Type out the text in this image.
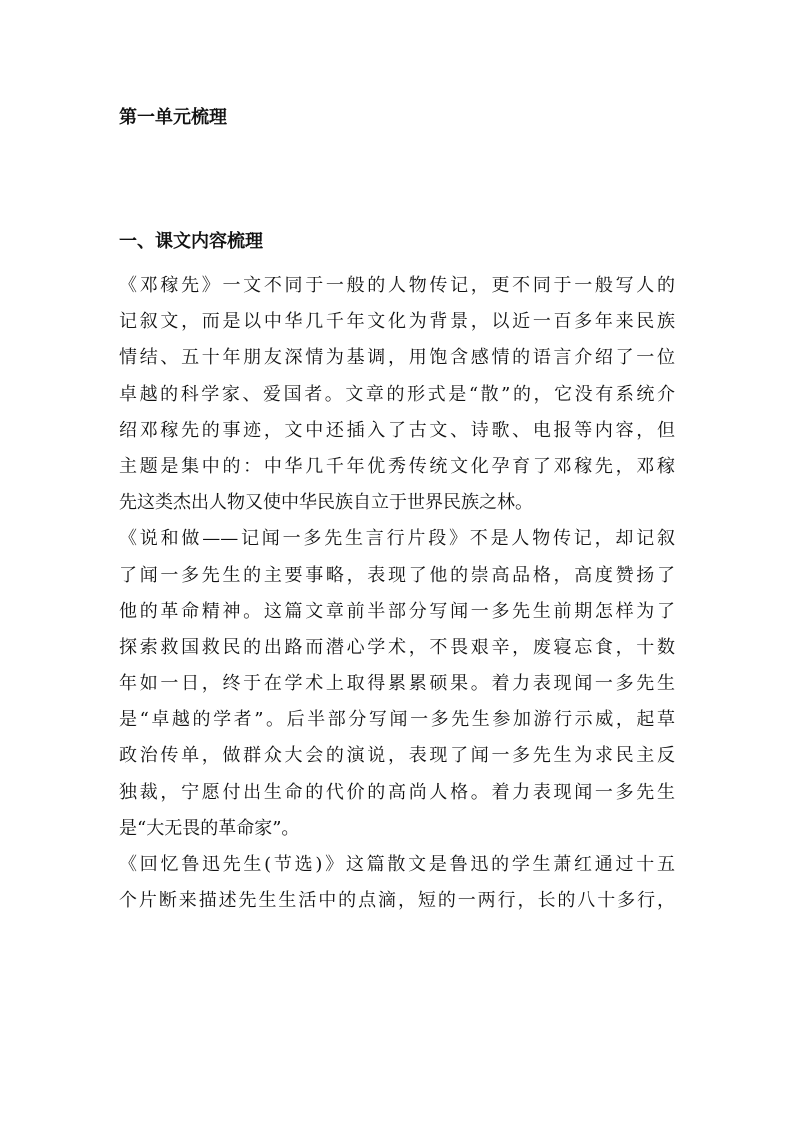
第一单元梳理
一、课文内容梳理

《邓稼先》一文不同于一般的人物传记，更不同于一般写人的
记叙文，而是以中华几千年文化为背景，以近一百多年来民族
情结、五十年朋友深情为基调，用饱含感情的语言介绍了一位
卓越的科学家、爱国者。文章的形式是“散”的，它没有系统介
绍邓稼先的事迹，文中还插入了古文、诗歌、电报等内容，但
主题是集中的：中华几千年优秀传统文化孕育了邓稼先，邓稼
先这类杰出人物又使中华民族自立于世界民族之林。

《说和做——记闻一多先生言行片段》不是人物传记，却记叙
了闻一多先生的主要事略，表现了他的崇高品格，高度赞扬了
他的革命精神。这篇文章前半部分写闻一多先生前期怎样为了
探索救国救民的出路而潜心学术，不畏艰辛，废寝忘食，十数
年如一日，终于在学术上取得累累硕果。着力表现闻一多先生
是“卓越的学者”。后半部分写闻一多先生参加游行示威，起草
政治传单，做群众大会的演说，表现了闻一多先生为求民主反
独裁，宁愿付出生命的代价的高尚人格。着力表现闻一多先生
是“大无畏的革命家”。

《回忆鲁迅先生(节选)》这篇散文是鲁迅的学生萧红通过十五
个片断来描述先生生活中的点滴，短的一两行，长的八十多行，
